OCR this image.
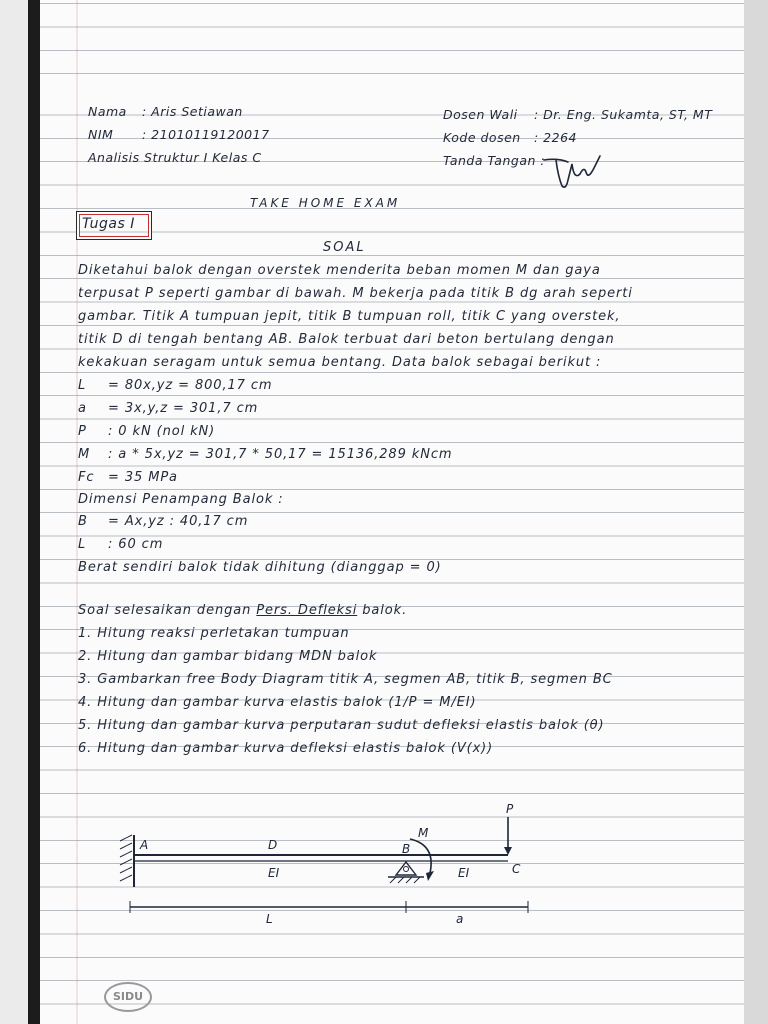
Nama : Aris Setiawan
NIM : 21010119120017
Analisis Struktur I Kelas C
Dosen Wali : Dr. Eng. Sukamta, ST, MT
Kode dosen : 2264
Tanda Tangan :
TAKE HOME EXAM
Tugas I
SOAL
Diketahui balok dengan overstek menderita beban momen M dan gaya
terpusat P seperti gambar di bawah. M bekerja pada titik B dg arah seperti
gambar. Titik A tumpuan jepit, titik B tumpuan roll, titik C yang overstek,
titik D di tengah bentang AB. Balok terbuat dari beton bertulang dengan
kekakuan seragam untuk semua bentang. Data balok sebagai berikut :
L = 80x,yz = 800,17 cm
a = 3x,y,z = 301,7 cm
P : 0 kN (nol kN)
M : a * 5x,yz = 301,7 * 50,17 = 15136,289 kNcm
Fc = 35 MPa
Dimensi Penampang Balok :
B = Ax,yz : 40,17 cm
L : 60 cm
Berat sendiri balok tidak dihitung (dianggap = 0)
Soal selesaikan dengan Pers. Defleksi balok.
1. Hitung reaksi perletakan tumpuan
2. Hitung dan gambar bidang MDN balok
3. Gambarkan free Body Diagram titik A, segmen AB, titik B, segmen BC
4. Hitung dan gambar kurva elastis balok (1/P = M/EI)
5. Hitung dan gambar kurva perputaran sudut defleksi elastis balok (θ)
6. Hitung dan gambar kurva defleksi elastis balok (V(x))
A	D	B
C
M
P
EI	EI
L	a
SIDU
